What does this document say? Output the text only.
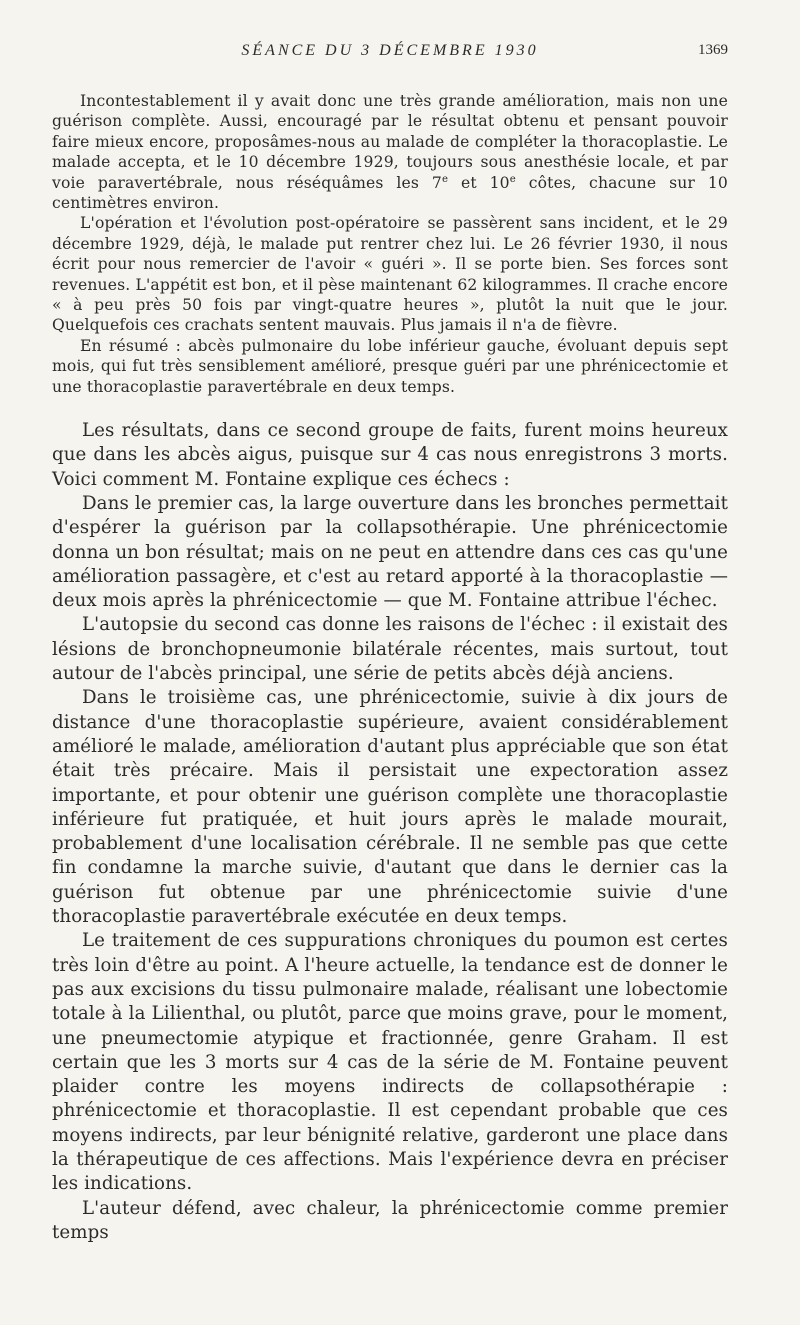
SÉANCE DU 3 DÉCEMBRE 1930	1369

Incontestablement il y avait donc une très grande amélioration, mais non une guérison complète. Aussi, encouragé par le résultat obtenu et pensant pouvoir faire mieux encore, proposâmes-nous au malade de compléter la thoracoplastie. Le malade accepta, et le 10 décembre 1929, toujours sous anesthésie locale, et par voie paravertébrale, nous réséquâmes les 7e et 10e côtes, chacune sur 10 centimètres environ.

L'opération et l'évolution post-opératoire se passèrent sans incident, et le 29 décembre 1929, déjà, le malade put rentrer chez lui. Le 26 février 1930, il nous écrit pour nous remercier de l'avoir « guéri ». Il se porte bien. Ses forces sont revenues. L'appétit est bon, et il pèse maintenant 62 kilogrammes. Il crache encore « à peu près 50 fois par vingt-quatre heures », plutôt la nuit que le jour. Quelquefois ces crachats sentent mauvais. Plus jamais il n'a de fièvre.

En résumé : abcès pulmonaire du lobe inférieur gauche, évoluant depuis sept mois, qui fut très sensiblement amélioré, presque guéri par une phrénicectomie et une thoracoplastie paravertébrale en deux temps.

Les résultats, dans ce second groupe de faits, furent moins heureux que dans les abcès aigus, puisque sur 4 cas nous enregistrons 3 morts. Voici comment M. Fontaine explique ces échecs :

Dans le premier cas, la large ouverture dans les bronches permettait d'espérer la guérison par la collapsothérapie. Une phrénicectomie donna un bon résultat; mais on ne peut en attendre dans ces cas qu'une amélioration passagère, et c'est au retard apporté à la thoracoplastie — deux mois après la phrénicectomie — que M. Fontaine attribue l'échec.

L'autopsie du second cas donne les raisons de l'échec : il existait des lésions de bronchopneumonie bilatérale récentes, mais surtout, tout autour de l'abcès principal, une série de petits abcès déjà anciens.

Dans le troisième cas, une phrénicectomie, suivie à dix jours de distance d'une thoracoplastie supérieure, avaient considérablement amélioré le malade, amélioration d'autant plus appréciable que son état était très précaire. Mais il persistait une expectoration assez importante, et pour obtenir une guérison complète une thoracoplastie inférieure fut pratiquée, et huit jours après le malade mourait, probablement d'une localisation cérébrale. Il ne semble pas que cette fin condamne la marche suivie, d'autant que dans le dernier cas la guérison fut obtenue par une phrénicectomie suivie d'une thoracoplastie paravertébrale exécutée en deux temps.

Le traitement de ces suppurations chroniques du poumon est certes très loin d'être au point. A l'heure actuelle, la tendance est de donner le pas aux excisions du tissu pulmonaire malade, réalisant une lobectomie totale à la Lilienthal, ou plutôt, parce que moins grave, pour le moment, une pneumectomie atypique et fractionnée, genre Graham. Il est certain que les 3 morts sur 4 cas de la série de M. Fontaine peuvent plaider contre les moyens indirects de collapsothérapie : phrénicectomie et thoracoplastie. Il est cependant probable que ces moyens indirects, par leur bénignité relative, garderont une place dans la thérapeutique de ces affections. Mais l'expérience devra en préciser les indications.

L'auteur défend, avec chaleur, la phrénicectomie comme premier temps
